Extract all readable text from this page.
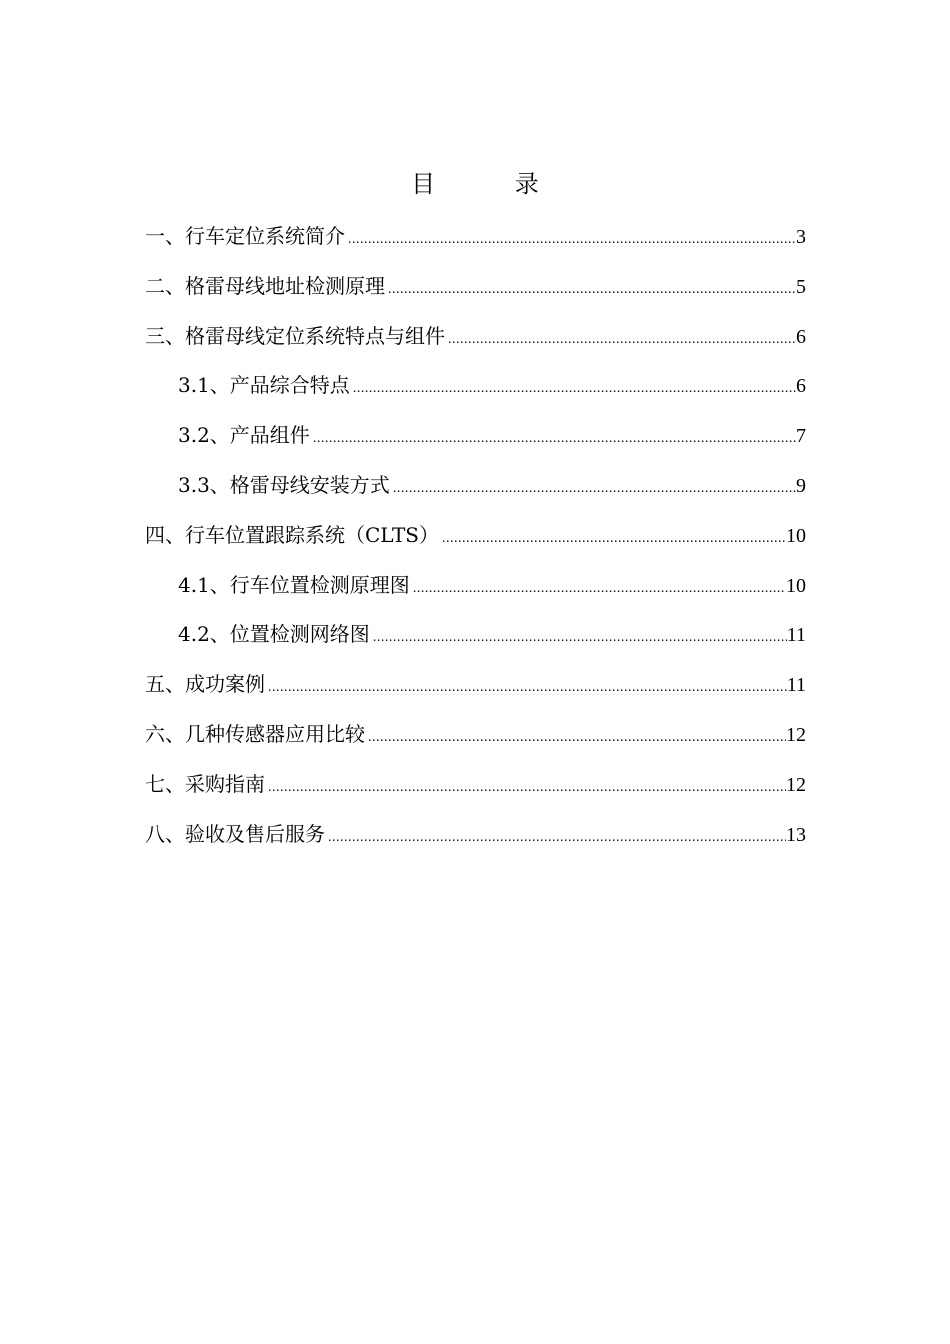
目 录
一、行车定位系统简介 .....	3
二、格雷母线地址检测原理 .....	5
三、格雷母线定位系统特点与组件 .....	6
3.1、产品综合特点 .....	6
3.2、产品组件 .....	7
3.3、格雷母线安装方式 .....	9
四、行车位置跟踪系统（CLTS） .....	10
4.1、行车位置检测原理图 .....	10
4.2、位置检测网络图 .....	11
五、成功案例 .....	11
六、几种传感器应用比较 .....	12
七、采购指南 .....	12
八、验收及售后服务 .....	13
